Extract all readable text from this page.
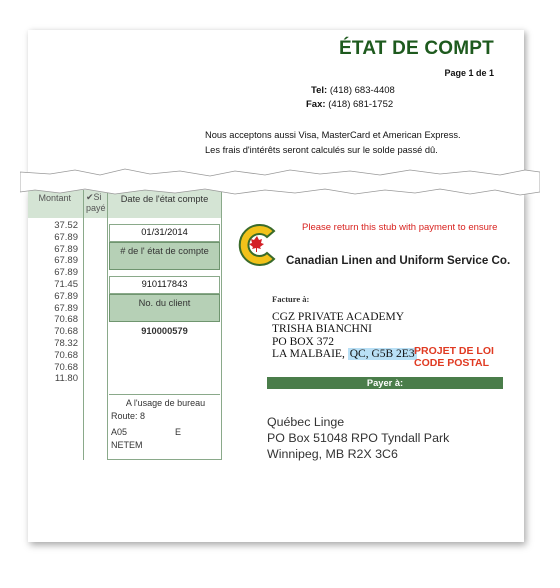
ÉTAT DE COMPT
Page 1 de 1
Tel: (418) 683-4408
Fax: (418) 681-1752
Nous acceptons aussi Visa, MasterCard et American Express.
Les frais d'intérêts seront calculés sur le solde passé dû.
Montant
37.52
67.89
67.89
67.89
67.89
71.45
67.89
67.89
70.68
70.68
78.32
70.68
70.68
11.80
✔Si payé
Date de l'état compte
01/31/2014
# de l' état de compte
910117843
No. du client
910000579
A l'usage de bureau
Route: 8
A05	E
NETEM
Please return this stub with payment to ensure
Canadian Linen and Uniform Service Co.
Facture à:
CGZ PRIVATE ACADEMY
TRISHA BIANCHNI
PO BOX 372
LA MALBAIE, QC, G5B 2E3 PROJET DE LOI
CODE POSTAL
Payer à:
Québec Linge
PO Box 51048 RPO Tyndall Park
Winnipeg, MB R2X 3C6
